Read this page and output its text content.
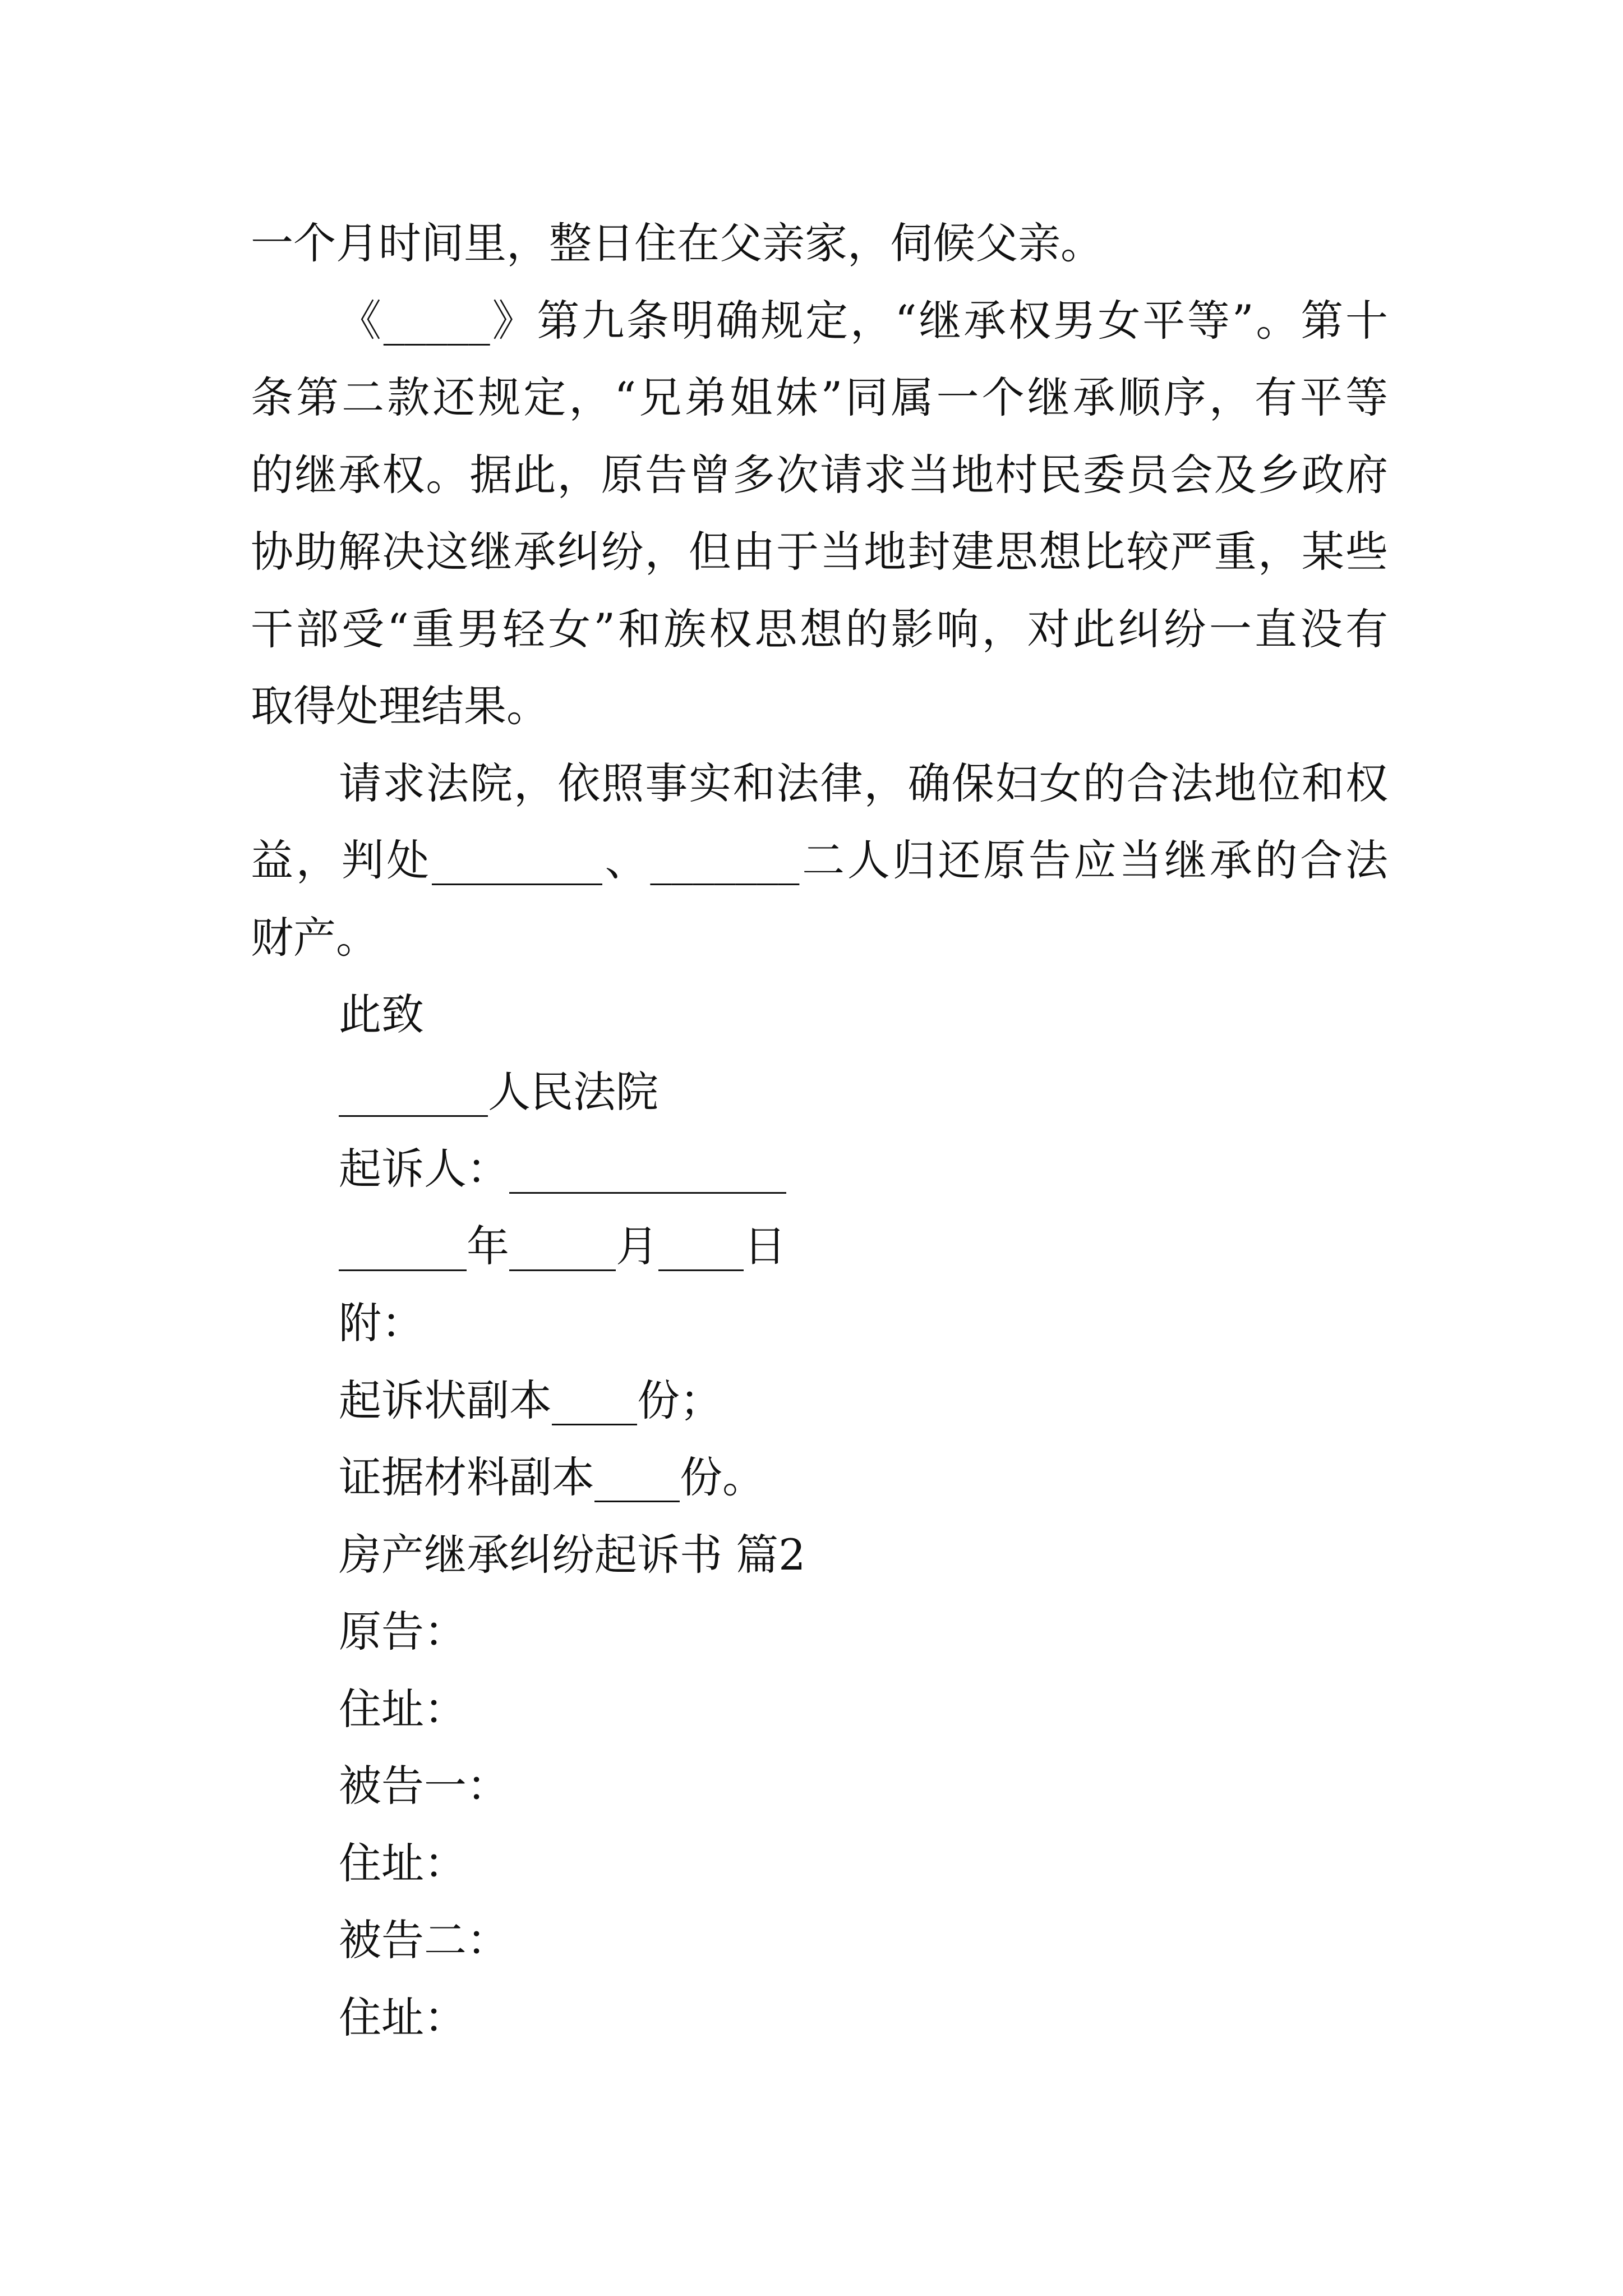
一个月时间里，整日住在父亲家，伺候父亲。
《_____》第九条明确规定，“继承权男女平等”。第十
条第二款还规定，“兄弟姐妹”同属一个继承顺序，有平等
的继承权。据此，原告曾多次请求当地村民委员会及乡政府
协助解决这继承纠纷，但由于当地封建思想比较严重，某些
干部受“重男轻女”和族权思想的影响，对此纠纷一直没有
取得处理结果。
请求法院，依照事实和法律，确保妇女的合法地位和权
益，判处________、_______二人归还原告应当继承的合法
财产。
此致
_______人民法院
起诉人：_____________
______年_____月____日
附：
起诉状副本____份；
证据材料副本____份。
房产继承纠纷起诉书 篇2
原告：
住址：
被告一：
住址：
被告二：
住址：
